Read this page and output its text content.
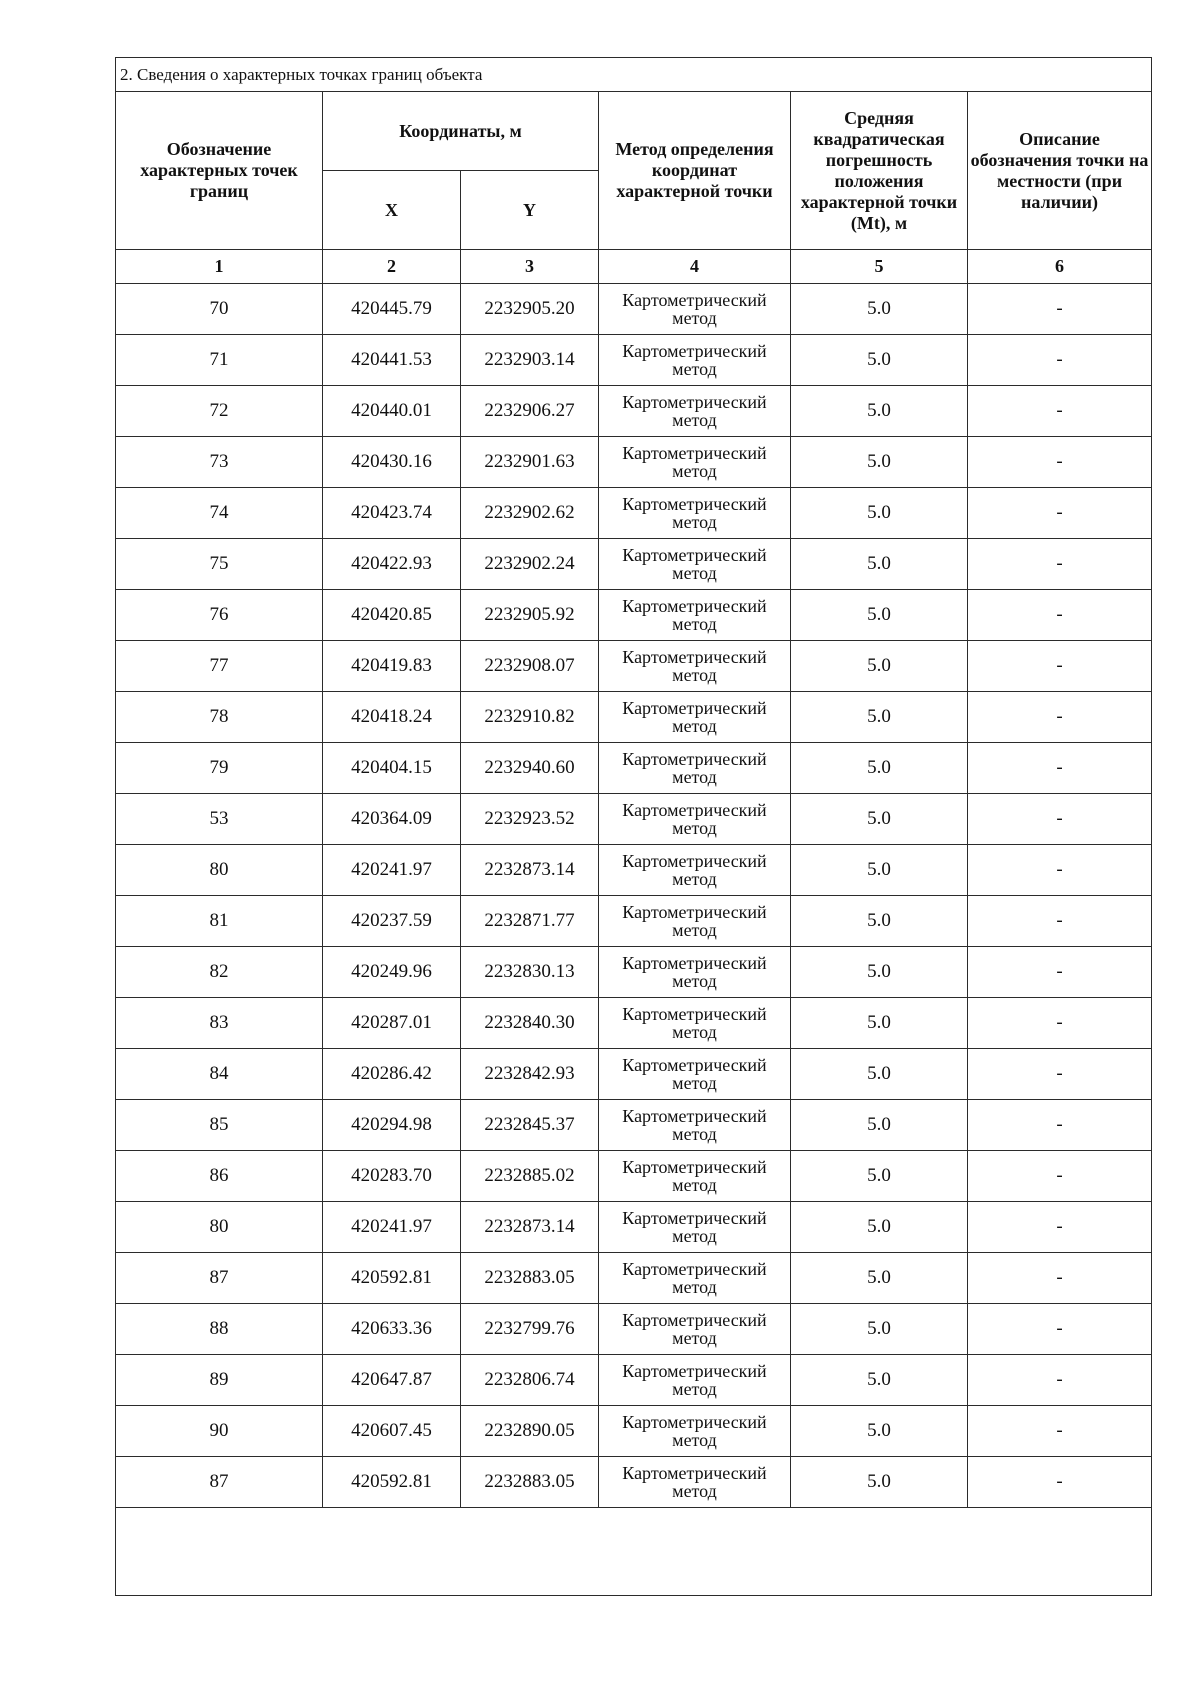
2. Сведения о характерных точках границ объекта					
Обозначение характерных точек границ	Координаты, м		Метод определения координат характерной точки	Средняя квадратическая погрешность положения характерной точки (Mt), м	Описание обозначения точки на местности (при наличии)
	X	Y			
1	2	3	4	5	6
70	420445.79	2232905.20	Картометрический метод	5.0	-
71	420441.53	2232903.14	Картометрический метод	5.0	-
72	420440.01	2232906.27	Картометрический метод	5.0	-
73	420430.16	2232901.63	Картометрический метод	5.0	-
74	420423.74	2232902.62	Картометрический метод	5.0	-
75	420422.93	2232902.24	Картометрический метод	5.0	-
76	420420.85	2232905.92	Картометрический метод	5.0	-
77	420419.83	2232908.07	Картометрический метод	5.0	-
78	420418.24	2232910.82	Картометрический метод	5.0	-
79	420404.15	2232940.60	Картометрический метод	5.0	-
53	420364.09	2232923.52	Картометрический метод	5.0	-
80	420241.97	2232873.14	Картометрический метод	5.0	-
81	420237.59	2232871.77	Картометрический метод	5.0	-
82	420249.96	2232830.13	Картометрический метод	5.0	-
83	420287.01	2232840.30	Картометрический метод	5.0	-
84	420286.42	2232842.93	Картометрический метод	5.0	-
85	420294.98	2232845.37	Картометрический метод	5.0	-
86	420283.70	2232885.02	Картометрический метод	5.0	-
80	420241.97	2232873.14	Картометрический метод	5.0	-
87	420592.81	2232883.05	Картометрический метод	5.0	-
88	420633.36	2232799.76	Картометрический метод	5.0	-
89	420647.87	2232806.74	Картометрический метод	5.0	-
90	420607.45	2232890.05	Картометрический метод	5.0	-
87	420592.81	2232883.05	Картометрический метод	5.0	-
